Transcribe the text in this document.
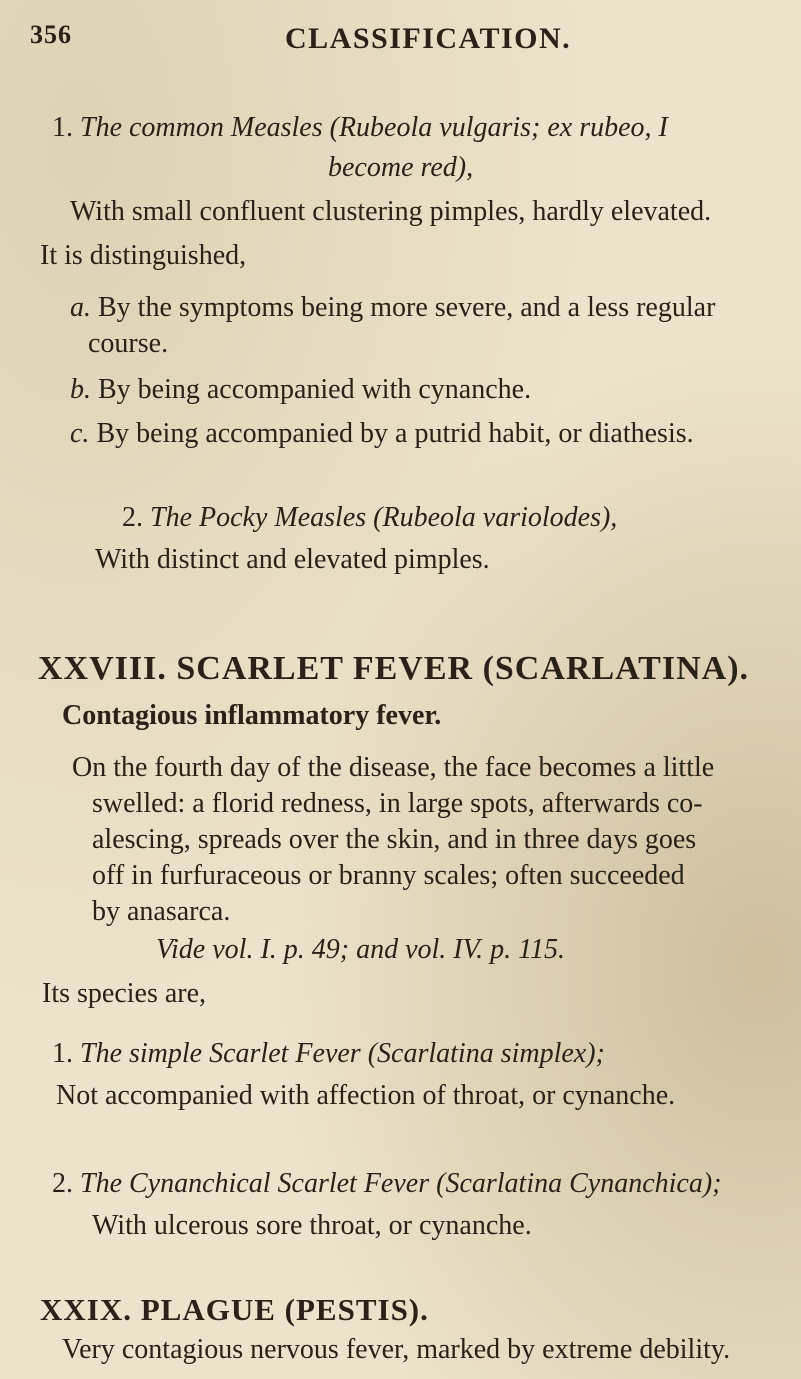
356	CLASSIFICATION.
1. The common Measles (Rubeola vulgaris; ex rubeo, I
become red),
With small confluent clustering pimples, hardly elevated.
It is distinguished,
a. By the symptoms being more severe, and a less regular
course.
b. By being accompanied with cynanche.
c. By being accompanied by a putrid habit, or diathesis.
2. The Pocky Measles (Rubeola variolodes),
With distinct and elevated pimples.
XXVIII. SCARLET FEVER (SCARLATINA).
Contagious inflammatory fever.
On the fourth day of the disease, the face becomes a little
swelled: a florid redness, in large spots, afterwards co-
alescing, spreads over the skin, and in three days goes
off in furfuraceous or branny scales; often succeeded
by anasarca.
Vide vol. I. p. 49; and vol. IV. p. 115.
Its species are,
1. The simple Scarlet Fever (Scarlatina simplex);
Not accompanied with affection of throat, or cynanche.
2. The Cynanchical Scarlet Fever (Scarlatina Cynanchica);
With ulcerous sore throat, or cynanche.
XXIX. PLAGUE (PESTIS).
Very contagious nervous fever, marked by extreme debility.
